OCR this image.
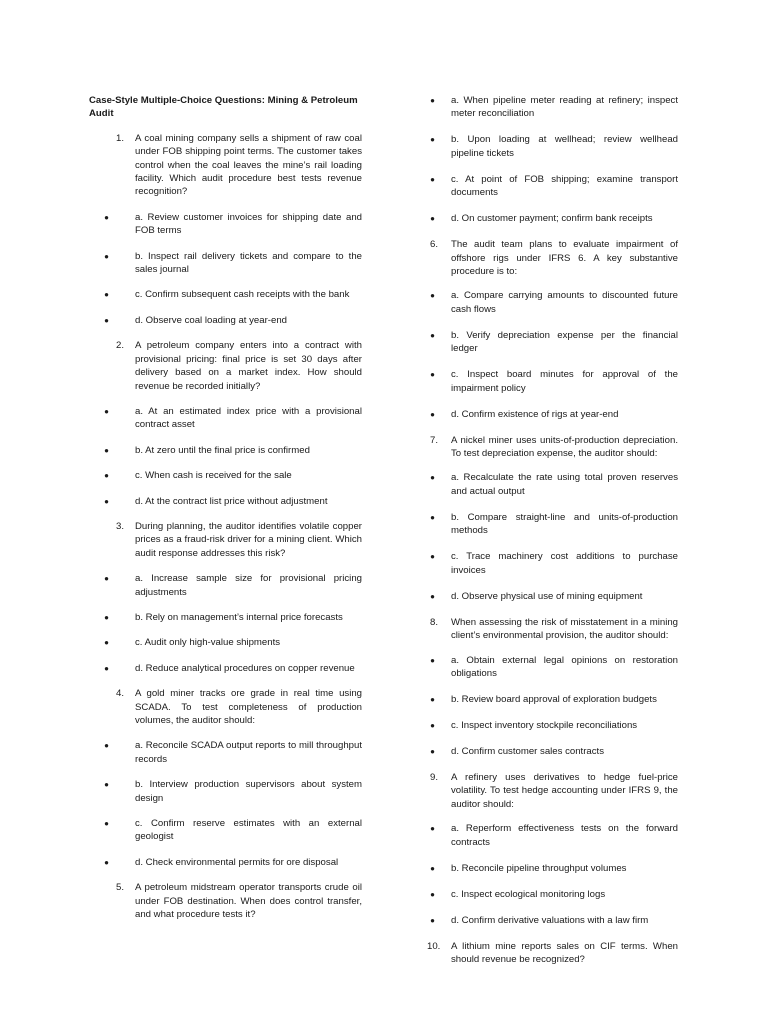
Case-Style Multiple-Choice Questions: Mining & Petroleum Audit
1. A coal mining company sells a shipment of raw coal under FOB shipping point terms. The customer takes control when the coal leaves the mine’s rail loading facility. Which audit procedure best tests revenue recognition?
●	a. Review customer invoices for shipping date and FOB terms
●	b. Inspect rail delivery tickets and compare to the sales journal
●	c. Confirm subsequent cash receipts with the bank
●	d. Observe coal loading at year-end
2. A petroleum company enters into a contract with provisional pricing: final price is set 30 days after delivery based on a market index. How should revenue be recorded initially?
●	a. At an estimated index price with a provisional contract asset
●	b. At zero until the final price is confirmed
●	c. When cash is received for the sale
●	d. At the contract list price without adjustment
3. During planning, the auditor identifies volatile copper prices as a fraud-risk driver for a mining client. Which audit response addresses this risk?
●	a. Increase sample size for provisional pricing adjustments
●	b. Rely on management’s internal price forecasts
●	c. Audit only high-value shipments
●	d. Reduce analytical procedures on copper revenue
4. A gold miner tracks ore grade in real time using SCADA. To test completeness of production volumes, the auditor should:
●	a. Reconcile SCADA output reports to mill throughput records
●	b. Interview production supervisors about system design
●	c. Confirm reserve estimates with an external geologist
●	d. Check environmental permits for ore disposal
5. A petroleum midstream operator transports crude oil under FOB destination. When does control transfer, and what procedure tests it?
●	a. When pipeline meter reading at refinery; inspect meter reconciliation
●	b. Upon loading at wellhead; review wellhead pipeline tickets
●	c. At point of FOB shipping; examine transport documents
●	d. On customer payment; confirm bank receipts
6. The audit team plans to evaluate impairment of offshore rigs under IFRS 6. A key substantive procedure is to:
●	a. Compare carrying amounts to discounted future cash flows
●	b. Verify depreciation expense per the financial ledger
●	c. Inspect board minutes for approval of the impairment policy
●	d. Confirm existence of rigs at year-end
7. A nickel miner uses units-of-production depreciation. To test depreciation expense, the auditor should:
●	a. Recalculate the rate using total proven reserves and actual output
●	b. Compare straight-line and units-of-production methods
●	c. Trace machinery cost additions to purchase invoices
●	d. Observe physical use of mining equipment
8. When assessing the risk of misstatement in a mining client’s environmental provision, the auditor should:
●	a. Obtain external legal opinions on restoration obligations
●	b. Review board approval of exploration budgets
●	c. Inspect inventory stockpile reconciliations
●	d. Confirm customer sales contracts
9. A refinery uses derivatives to hedge fuel-price volatility. To test hedge accounting under IFRS 9, the auditor should:
●	a. Reperform effectiveness tests on the forward contracts
●	b. Reconcile pipeline throughput volumes
●	c. Inspect ecological monitoring logs
●	d. Confirm derivative valuations with a law firm
10. A lithium mine reports sales on CIF terms. When should revenue be recognized?
